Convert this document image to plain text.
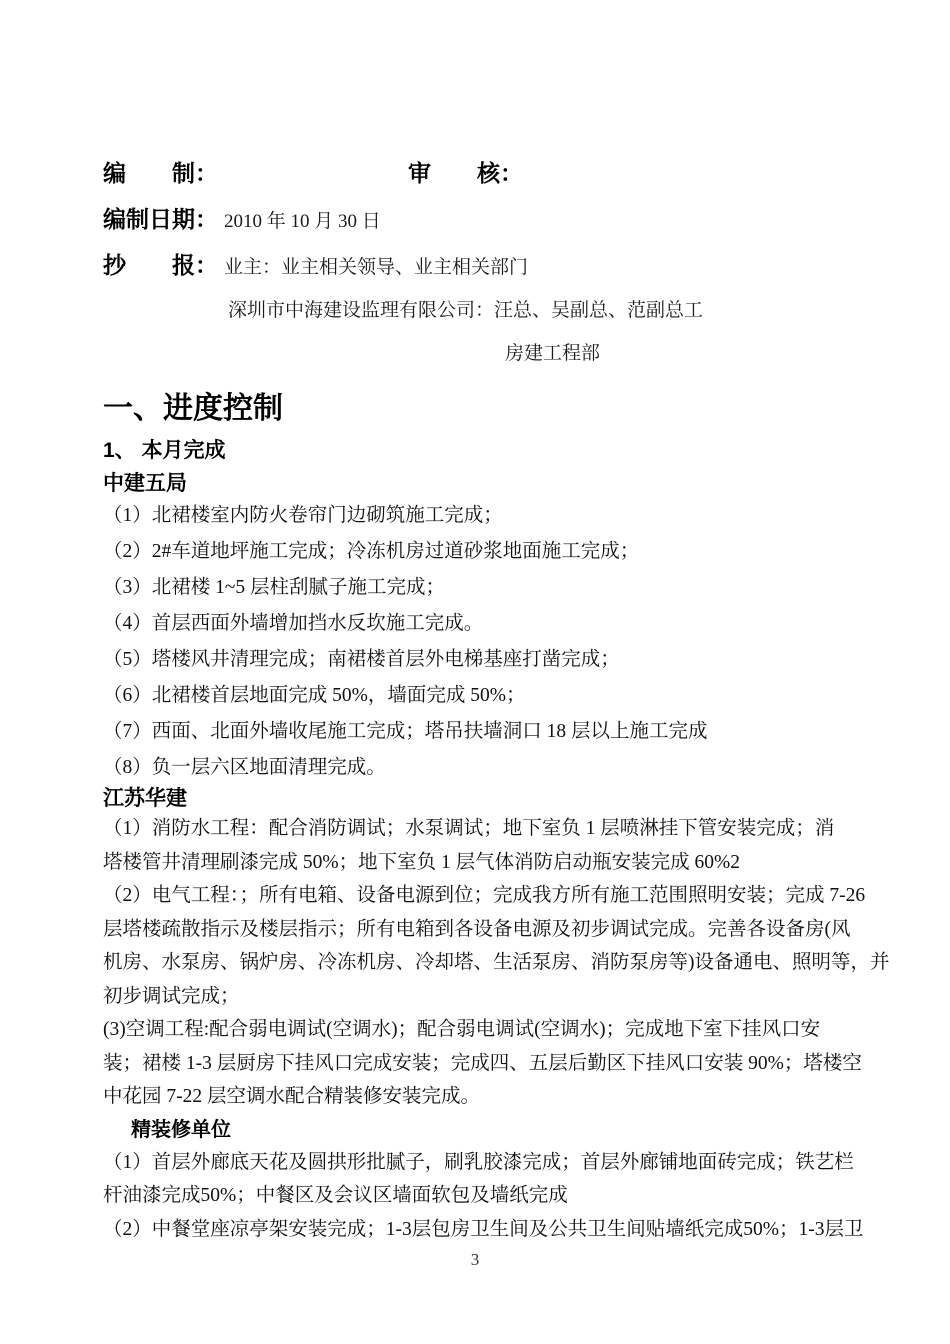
编　　制：	审　　核：
编制日期： 2010 年 10 月 30 日
抄　　报： 业主：业主相关领导、业主相关部门
深圳市中海建设监理有限公司：汪总、吴副总、范副总工
房建工程部
一、进度控制
1、 本月完成
中建五局
（1）北裙楼室内防火卷帘门边砌筑施工完成；
（2）2#车道地坪施工完成；冷冻机房过道砂浆地面施工完成；
（3）北裙楼 1~5 层柱刮腻子施工完成；
（4）首层西面外墙增加挡水反坎施工完成。
（5）塔楼风井清理完成；南裙楼首层外电梯基座打凿完成；
（6）北裙楼首层地面完成 50%，墙面完成 50%；
（7）西面、北面外墙收尾施工完成；塔吊扶墙洞口 18 层以上施工完成
（8）负一层六区地面清理完成。
江苏华建
（1）消防水工程：配合消防调试；水泵调试；地下室负 1 层喷淋挂下管安装完成；消
塔楼管井清理刷漆完成 50%；地下室负 1 层气体消防启动瓶安装完成 60%2
（2）电气工程：；所有电箱、设备电源到位；完成我方所有施工范围照明安装；完成 7-26
层塔楼疏散指示及楼层指示；所有电箱到各设备电源及初步调试完成。完善各设备房(风
机房、水泵房、锅炉房、冷冻机房、冷却塔、生活泵房、消防泵房等)设备通电、照明等，并
初步调试完成；
(3)空调工程:配合弱电调试(空调水)；配合弱电调试(空调水)；完成地下室下挂风口安
装；裙楼 1-3 层厨房下挂风口完成安装；完成四、五层后勤区下挂风口安装 90%；塔楼空
中花园 7-22 层空调水配合精装修安装完成。
精装修单位
（1）首层外廊底天花及圆拱形批腻子，刷乳胶漆完成；首层外廊铺地面砖完成；铁艺栏
杆油漆完成50%；中餐区及会议区墙面软包及墙纸完成
（2）中餐堂座凉亭架安装完成；1-3层包房卫生间及公共卫生间贴墙纸完成50%；1-3层卫
3
